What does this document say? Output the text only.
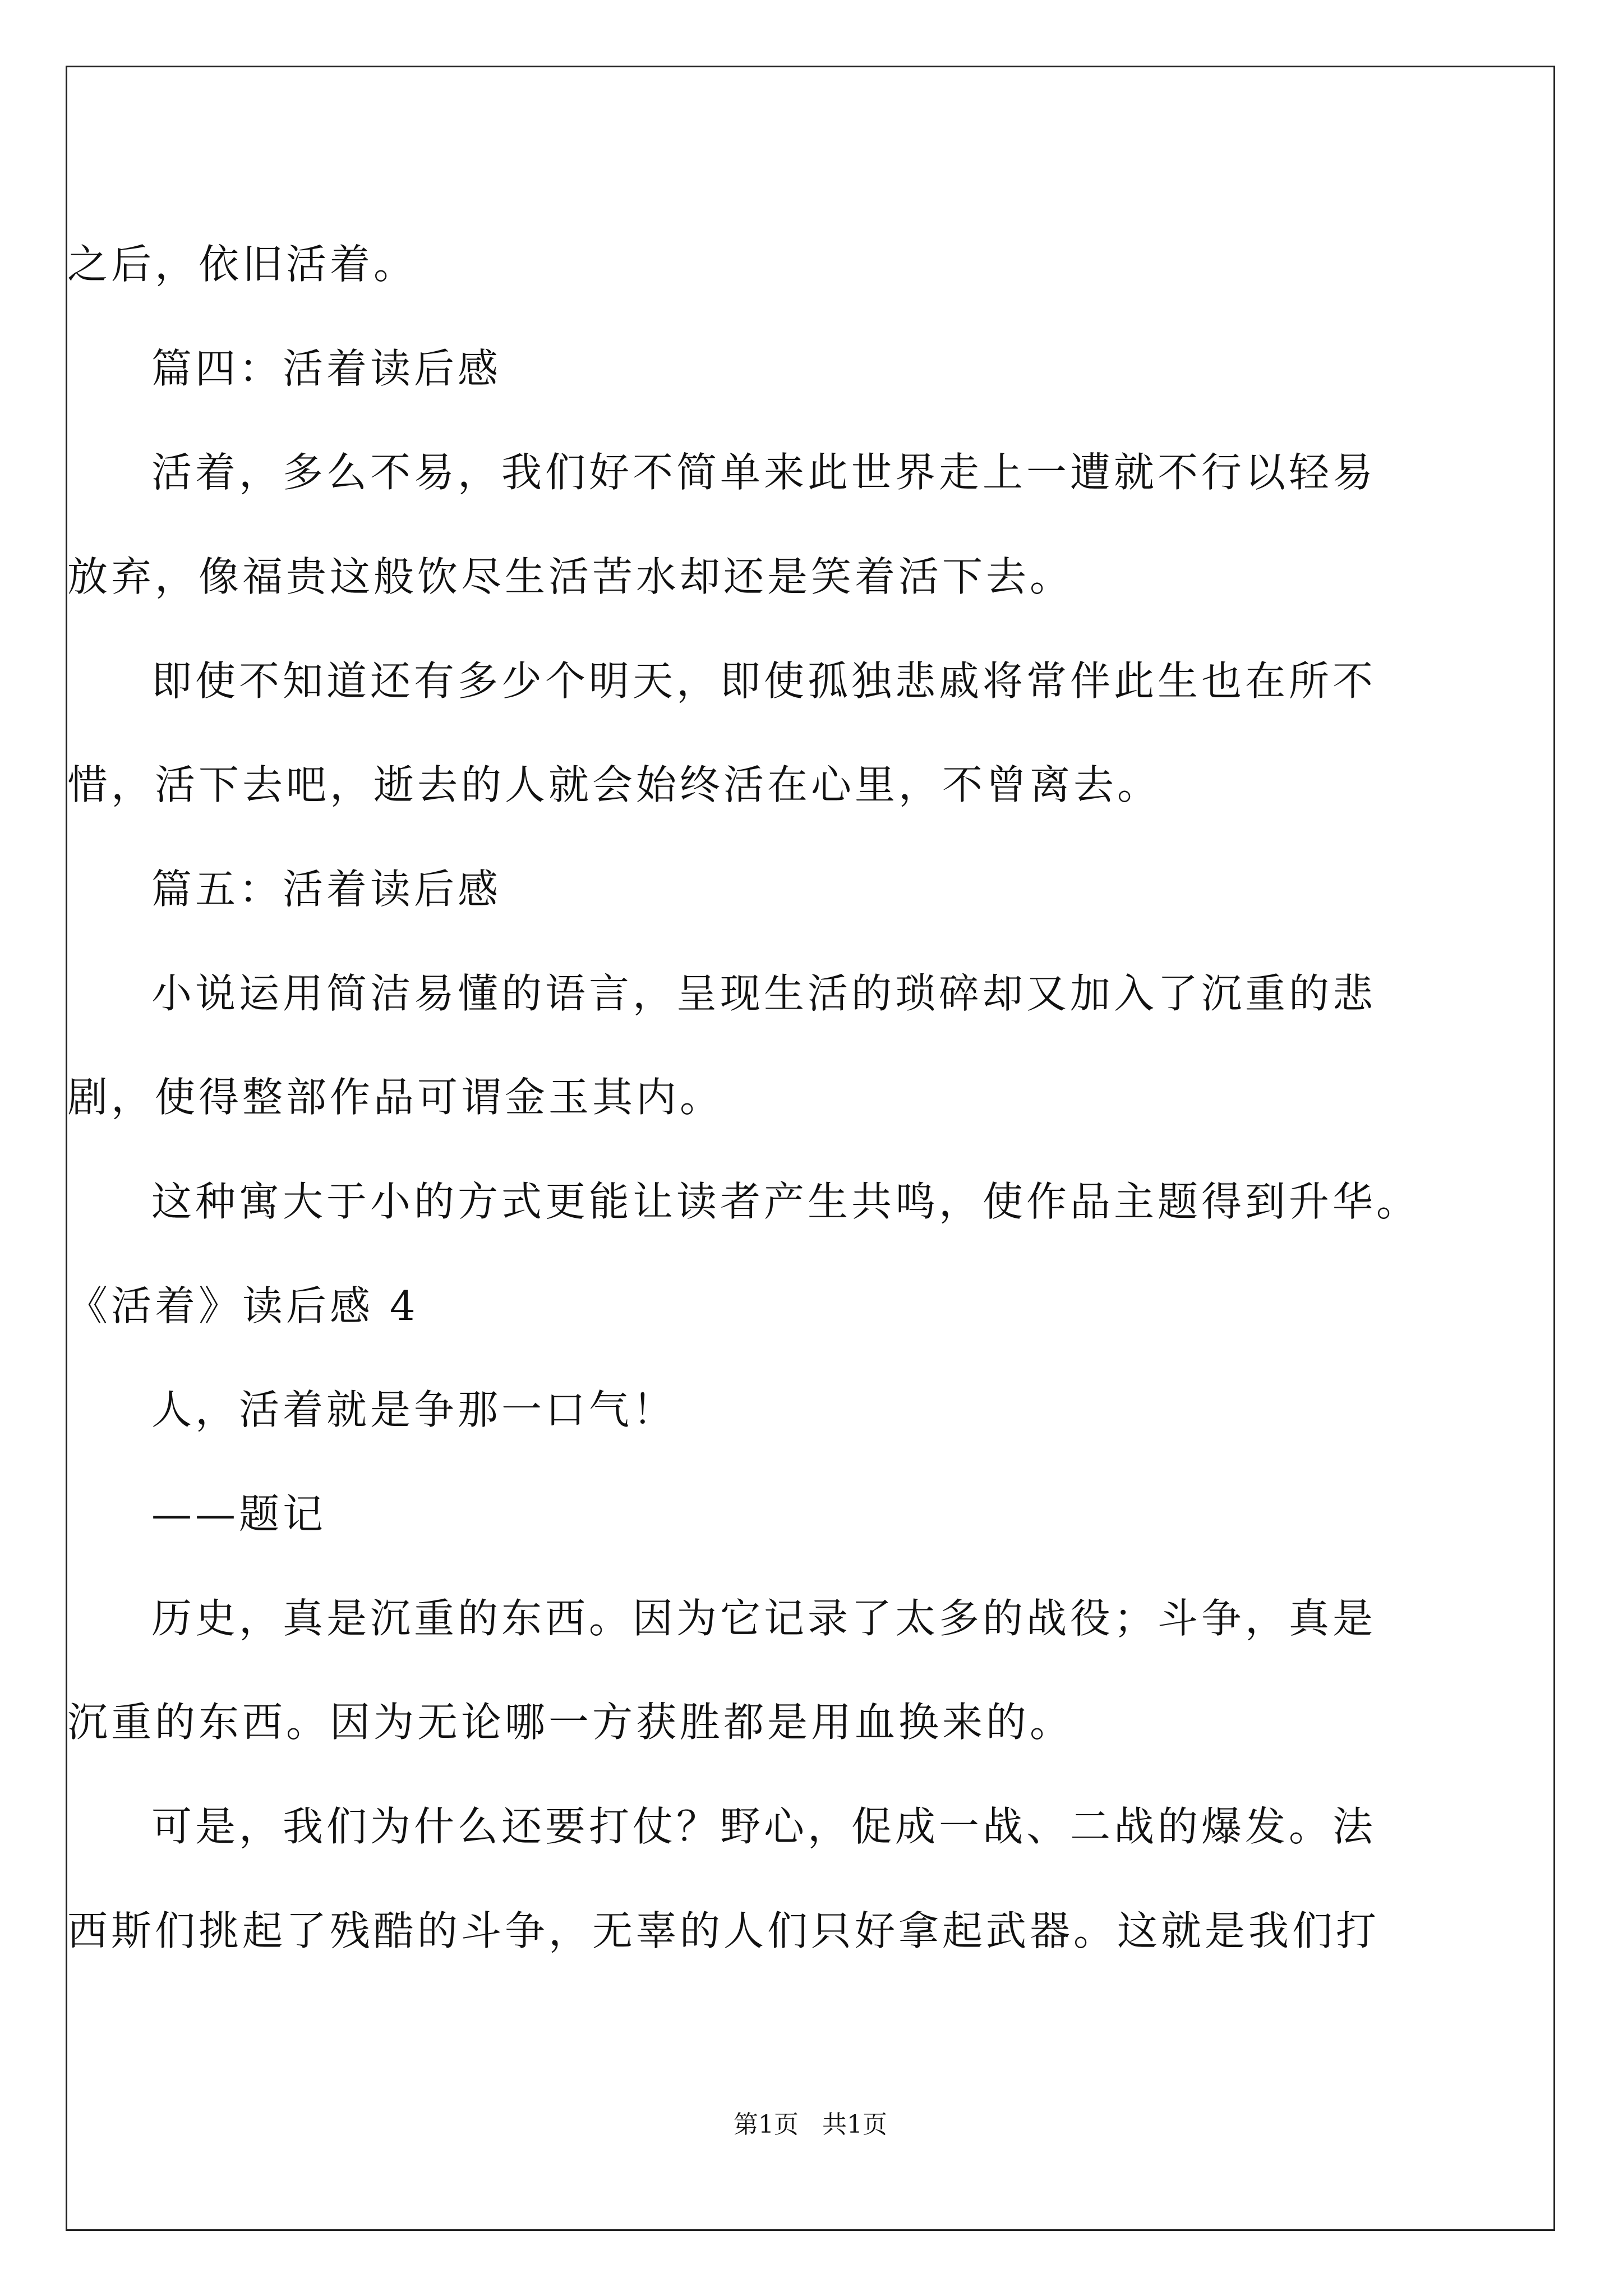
之后，依旧活着。
篇四：活着读后感
活着，多么不易，我们好不简单来此世界走上一遭就不行以轻易
放弃，像福贵这般饮尽生活苦水却还是笑着活下去。
即使不知道还有多少个明天，即使孤独悲戚将常伴此生也在所不
惜，活下去吧，逝去的人就会始终活在心里，不曾离去。
篇五：活着读后感
小说运用简洁易懂的语言，呈现生活的琐碎却又加入了沉重的悲
剧，使得整部作品可谓金玉其内。
这种寓大于小的方式更能让读者产生共鸣，使作品主题得到升华。
《活着》读后感 4
人，活着就是争那一口气！
——题记
历史，真是沉重的东西。因为它记录了太多的战役；斗争，真是
沉重的东西。因为无论哪一方获胜都是用血换来的。
可是，我们为什么还要打仗？野心，促成一战、二战的爆发。法
西斯们挑起了残酷的斗争，无辜的人们只好拿起武器。这就是我们打
第1页   共1页
